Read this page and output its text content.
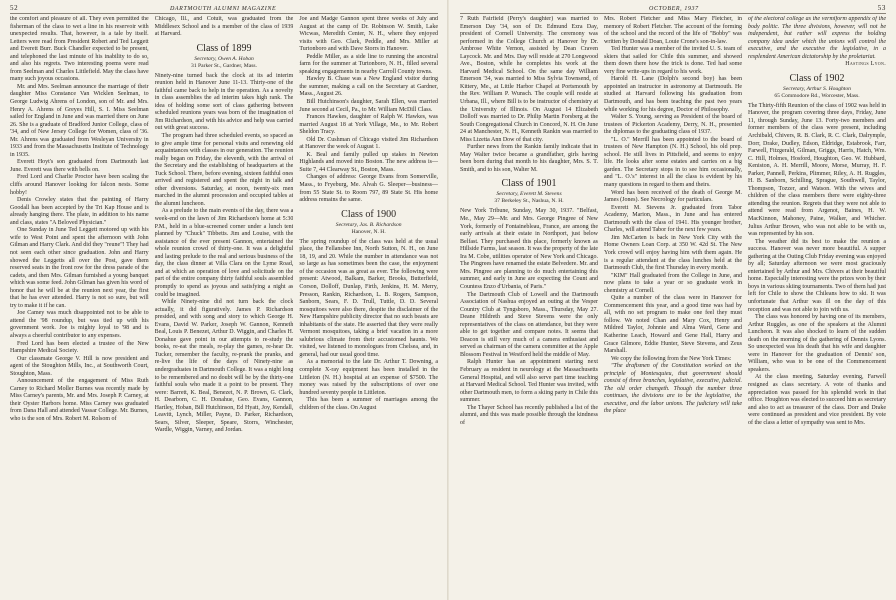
52	DARTMOUTH ALUMNI MAGAZINE

the comfort and pleasure of all. They even permitted the fisherman of the class to wet a line in his reservoir with unexpected results. That, however, is a tale by itself. Letters were read from President Robert and Ted Leggett and Everett Burr. Buck Chandler expected to be present, and telephoned the last minute of his inability to do so, and also his regrets. Two interesting poems were read from Seelman and Charles Littlefield. May the class have many such joyous occasions.

Mr. and Mrs. Seelman announce the marriage of their daughter Miss Constance Van Wicklen Seelman, to George Ludwig Ahrens of London, son of Mr. and Mrs. Henry A. Ahrens of Greyes Hill, S. I. Miss Seelman sailed for England in June and was married there on June 26. She is a graduate of Bradford Junior College, class of '34, and of New Jersey College for Women, class of '36. Mr. Ahrens was graduated from Wesleyan University in 1933 and from the Massachusetts Institute of Technology in 1935.

Everett Hoyt's son graduated from Dartmouth last June. Everett was there with bells on.

Fred Lord and Charlie Proctor have been scaling the cliffs around Hanover looking for falcon nests. Some hobby!

Denis Crowley states that the painting of Harry Goodall has been accepted by the Tri Kap House and is already hanging there. The plate, in addition to his name and class, states "A Beloved Physician."

One Sunday in June Ted Leggett motored up with his wife to West Point and spent the afternoon with John Gilman and Harry Clark. And did they "reune"! They had not seen each other since graduation. John and Harry showed the Leggetts all over the Post, gave them reserved seats in the front row for the dress parade of the cadets, and then Mrs. Gilman furnished a young banquet which was some feed. John Gilman has given his word of honor that he will be at the reunion next year, the first that he has ever attended. Harry is not so sure, but will try to make it if he can.

Joe Camey was much disappointed not to be able to attend the '98 roundup, but was tied up with his government work. Joe is mighty loyal to '98 and is always a cheerful contributor to any expenses.

Fred Lord has been elected a trustee of the New Hampshire Medical Society.

Our classmate George V. Hill is now president and agent of the Stoughton Mills, Inc., at Southworth Court, Stoughton, Mass.

Announcement of the engagement of Miss Ruth Carney to Richard Moller Burnes was recently made by Miss Carney's parents, Mr. and Mrs. Joseph P. Carney, at their Oyster Harbors home. Miss Carney was graduated from Dana Hall and attended Vassar College. Mr. Burnes, who is the son of Mrs. Robert M. Rolsom of

Chicago, Ill., and Cotuit, was graduated from the Middlesex School and is a member of the class of 1939 at Harvard.

Class of 1899
Secretary, Owen A. Hoban
31 Parker St., Gardner, Mass.

Ninety-nine turned back the clock at its ad interim reunion held in Hanover June 11-13. Thirty-one of the faithful came back to help in the operation. As a novelty in class assemblies the ad interim takes high rank. The idea of holding some sort of class gathering between scheduled reunions years was born of the imagination of Jim Richardson, and with his advice and help was carried out with great success.

The program had three scheduled events, so spaced as to give ample time for personal visits and renewing old acquaintances with classes in our generation. The reunion really began on Friday, the eleventh, with the arrival of the Secretary and the establishing of headquarters at the Tuck School. There, before evening, sixteen faithful ones arrived and registered and spent the night in talk and other diversions. Saturday, at noon, twenty-six men marched in the alumni procession and occupied tables at the alumni luncheon.

As a prelude to the main events of the day, there was a week-end on the lawn of Jim Richardson's home at 5:30 P.M., held in a blue-screened corner under a lunch tent planned by "Chuck" Tibbetts. Jim and Louise, with the assistance of the ever present Gannon, entertained the whole reunion crowd of thirty-one. It was a delightful and lasting prelude to the real and serious business of the day, the class dinner at Villa Clara on the Lyme Road, and at which an operation of love and solicitude on the part of the entire company thirty faithful souls assembled promptly to spend as joyous and satisfying a night as could be imagined.

While Ninety-nine did not turn back the clock actually, it did figuratively. James P. Richardson presided, and with song and story to which George H. Evans, David W. Parker, Joseph W. Gannon, Kenneth Beal, Louis P. Benezet, Arthur D. Wiggin, and Charles H. Donahue gave point in our attempts to re-study the books, re-eat the meals, re-play the games, re-hear Dr. Tucker, remember the faculty, re-prank the pranks, and re-live the life of the days of Ninety-nine as undergraduates in Dartmouth College. It was a night long to be remembered and no doubt will be by the thirty-one faithful souls who made it a point to be present. They were: Barrett, K. Beal, Benezet, N. P. Brown, G. Clark, H. Dearborn, C. H. Donahue, Geo. Evans, Gannon, Hartley, Hoban, Bill Hutchinson, Ed Hyatt, Joy, Kendall, Leavitt, Lynch, Miller, Payne, D. Parker, Richardson, Sears, Silver, Sleeper, Speare, Storrs, Winchester, Wardle, Wiggin, Varney, and Jordan.

Joe and Madge Gannon spent three weeks of July and August at the camp of Dr. Robinson W. Smith, Lake Wicwas, Meredith Center, N. H., where they enjoyed visits with Geo. Clark, Peddle, and Mrs. Miller at Turtonboro and with Dave Storrs in Hanover.

Peddle Miller, as a side line to running the ancestral farm for the summer at Turtonboro, N. H., filled several speaking engagements in nearby Carroll County towns.

Hawley B. Chase was a New England visitor during the summer, making a call on the Secretary at Gardner, Mass., August 26.

Bill Hutchinson's daughter, Sarah Ellen, was married June second at Cecil, Pa., to Mr. William McDill Class.

Frances Hawkes, daughter of Ralph W. Hawkes, was married August 18 at York Village, Me., to Mr. Robert Sheldon Tracy.

Old Dr. Cushman of Chicago visited Jim Richardson at Hanover the week of August 1.

K. Beal and family pulled up stakes in Newton Highlands and moved into Boston. The new address is—Suite 7, 44 Clearway St., Boston, Mass.

Changes of address: George Evans from Somerville, Mass., to Fryeburg, Me. Alvah G. Sleeper—business—from 55 State St. to Room 797, 89 State St. His home address remains the same.

Class of 1900
Secretary, Jas. B. Richardson
Hanover, N. H.

The spring roundup of the class was held at the usual place, the Fellansbee Inn, North Sutton, N. H., on June 18, 19, and 20. While the number in attendance was not so large as has sometimes been the case, the enjoyment of the occasion was as great as ever. The following were present: Atwood, Balkam, Barker, Brooks, Butterfield, Corson, Dolloff, Dunlap, Firth, Jenkins, H. M. Merry, Presson, Rankin, Richardson, L. B. Rogers, Sampson, Sanborn, Sears, F. D. Trull, Tuttle, D. D. Several mosquitoes were also there, despite the disclaimer of the New Hampshire publicity director that no such beasts are inhabitants of the state. He asserted that they were really Vermont mosquitoes, taking a brief vacation in a more salubrious climate from their accustomed haunts. We visited, we listened to monologues from Chelsea, and, in general, had our usual good time.

As a memorial to the late Dr. Arthur T. Downing, a complete X-ray equipment has been installed in the Littleton (N. H.) hospital at an expense of $7500. The money was raised by the subscriptions of over one hundred seventy people in Littleton.

This has been a summer of marriages among the children of the class. On August

OCTOBER, 1937	53

7 Ruth Fairfield (Perry's daughter) was married to Emerson Day '34, son of Dr. Edmund Ezra Day, president of Cornell University. The ceremony was performed in the College Church at Hanover by Dr. Ambrose White Vernon, assisted by Dean Craven Laycock. Mr. and Mrs. Day will reside at 270 Longwood Ave., Boston, while he completes his work at the Harvard Medical School. On the same day William Emerson '34, was married to Miss Sylvia Townsend, of Kittery, Me., at Little Harbor Chapel at Portsmouth by the Rev. William P. Wunsch. The couple will reside at Urbana, Ill., where Bill is to be instructor of chemistry at the University of Illinois. On August 14 Elizabeth Dolloff was married to Dr. Philip Martin Forsberg at the South Congregational Church in Concord, N. H. On June 24 at Manchester, N. H., Kenneth Rankin was married to Miss Lizetta Ann Dow of that city.

Further news from the Rankin family indicate that in May Walter twice became a grandfather, girls having been born during that month to his daughter, Mrs. S. T. Smith, and to his son, Walter M.

Class of 1901
Secretary, Everett M. Stevens
37 Berkeley St., Nashua, N. H.

New York Tribune, Sunday, May 30, 1937. "Belfast, Me., May 29—Mr. and Mrs. George Pingree of New York, formerly of Fontainebleau, France, are among the early arrivals at their estate in Northport, just below Belfast. They purchased this place, formerly known as Hillside Farms, last season. It was the property of the late Ira M. Cobe, utilities operator of New York and Chicago. The Pingrees have renamed the estate Belvedere. Mr. and Mrs. Pingree are planning to do much entertaining this summer, and early in June are expecting the Count and Countess Enzo d'Urbania, of Paris."

The Dartmouth Club of Lowell and the Dartmouth Association of Nashua enjoyed an outing at the Vesper Country Club at Tyngsboro, Mass., Thursday, May 27. Deane Hildreth and Steve Stevens were the only representatives of the class on attendance, but they were able to get together and compare notes. It seems that Deacon is still very much of a camera enthusiast and served as chairman of the camera committee at the Apple Blossom Festival in Westford held the middle of May.

Ralph Hunter has an appointment starting next February as resident in neurology at the Massachusetts General Hospital, and will also serve part time teaching at Harvard Medical School. Ted Hunter was invited, with other Dartmouth men, to form a skiing party in Chile this summer.

The Thayer School has recently published a list of the alumni, and this was made possible through the kindness of

Mrs. Robert Fletcher and Miss Mary Fletcher, in memory of Robert Fletcher. The account of the forming of the school and the record of the life of "Bobby" was written by Donald Doan, Louie Crone's son-in-law.

Ted Hunter was a member of the invited U. S. team of skiers that sailed for Chile this summer, and showed them down there how the trick is done. Ted had some very fine write-ups in regard to his work.

Harold H. Lane (Dolph's second boy) has been appointed an instructor in astronomy at Dartmouth. He studied at Harvard following his graduation from Dartmouth, and has been teaching the past two years while working for his degree, Doctor of Philosophy.

Walter S. Young, serving as President of the board of trustees of Pickerton Academy, Derry, N. H., presented the diplomas to the graduating class of 1937.

"L. O." Merrill has been appointed to the board of trustees of New Hampton (N. H.) School, his old prep. school. He still lives in Pittsfield, and seems to enjoy life. He looks after some estates and carries on a big garden. The Secretary stops in to see him occasionally, and "L. O.'s" interest in all the class is evident by his many questions in regard to them and theirs.

Word has been received of the death of George M. James (Jones). See Necrology for particulars.

Everett M. Stevens Jr. graduated from Tabor Academy, Marion, Mass., in June and has entered Dartmouth with the class of 1941. His younger brother, Charles, will attend Tabor for the next few years.

Jim McCarten is back in New York City with the Home Owners Loan Corp. at 350 W. 42d St. The New York crowd will enjoy having him with them again. He is a regular attendant at the class lunches held at the Dartmouth Club, the first Thursday in every month.

"KIM" Hall graduated from the College in June, and now plans to take a year or so graduate work in chemistry at Cornell.

Quite a number of the class were in Hanover for Commencement this year, and a good time was had by all, with no set program to make one feel they must follow. We noted Chan and Mary Cox, Henry and Mildred Taylor, Johnnie and Alma Ward, Gene and Katherine Leach, Howard and Gene Hall, Harry and Grace Gilmore, Eddie Hunter, Steve Stevens, and Zeus Marshall.

We copy the following from the New York Times:

"The draftsmen of the Constitution worked on the principle of Montesquieu, that government should consist of three branches, legislative, executive, judicial. The old order changeth. Though the number three continues, the divisions are to be the legislative, the executive, and the labor unions. The judiciary will take the place

of the electoral college as the vermiform appendix of the body politic. The three divisions, however, will not be independent, but rather will express the holding company idea under which the unions will control the executive, and the executive the legislative, in a resplendent American dictatorship by the proletariat.

Hastings Lyon.
Class of 1902
Secretary, Arthur S. Houghton
65 Commodore Rd., Worcester, Mass.

The Thirty-fifth Reunion of the class of 1902 was held in Hanover, the program covering three days, Friday, June 11, through Sunday, June 13. Forty-two members and former members of the class were present, including Archibald, Chivers, R. B. Clark, R. C. Clark, Dalrymple, Dorr, Drake, Dudley, Edson, Eldridge, Estabrook, Farr, Farwell, Fitzgerald, Gilman, Griggs, Harris, Hatch, Wm. C. Hill, Holmes, Hosford, Houghton, Geo. W. Hubbard, Keniston, A. H. Merrill, Moore, Morse, Murray, H. F. Parker, Pannell, Perkins, Plimmer, Riley, A. H. Ruggles, H. B. Sanborn, Schilling, Sprague, Southwell, Taylor, Thompson, Tozzer, and Watson. With the wives and children of the class members there were eighty-three attending the reunion. Regrets that they were not able to attend were read from Argenot, Baines, H. W. MacKinnon, Mahoney, Paine, Walker, and Whicher. Julius Arthur Brown, who was not able to be with us, was represented by his son.

The weather did its best to make the reunion a success. Hanover was never more beautiful. A supper gathering at the Outing Club Friday evening was enjoyed by all; Saturday afternoon we were most graciously entertained by Arthur and Mrs. Chivers at their beautiful home. Especially interesting were the prizes won by their boys in various skiing tournaments. Two of them had just left for Chile to show the Chileans how to ski. It was unfortunate that Arthur was ill on the day of this reception and was not able to join with us.

The class was honored by having one of its members, Arthur Ruggles, as one of the speakers at the Alumni Luncheon. It was also shocked to learn of the sudden death on the morning of the gathering of Dennis Lyons. So unexpected was his death that his wife and daughter were in Hanover for the graduation of Dennis' son, William, who was to be one of the Commencement speakers.

At the class meeting, Saturday evening, Farwell resigned as class secretary. A vote of thanks and appreciation was passed for his splendid work in that office. Houghton was elected to succeed him as secretary and also to act as treasurer of the class. Dorr and Drake were continued as president and vice president. By vote of the class a letter of sympathy was sent to Mrs.
